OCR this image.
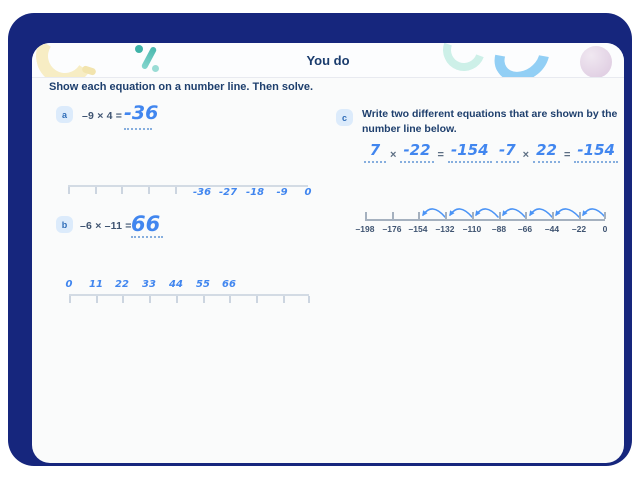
You do
Show each equation on a number line. Then solve.
a	–9 × 4 = -36
-36 -27 -18 -9 0
b	–6 × –11 = 66
0 11 22 33 44 55 66
c	Write two different equations that are shown by the number line below.
7 × -22 = -154 -7 × 22 = -154
–198 –176 –154 –132 –110 –88 –66 –44 –22 0
